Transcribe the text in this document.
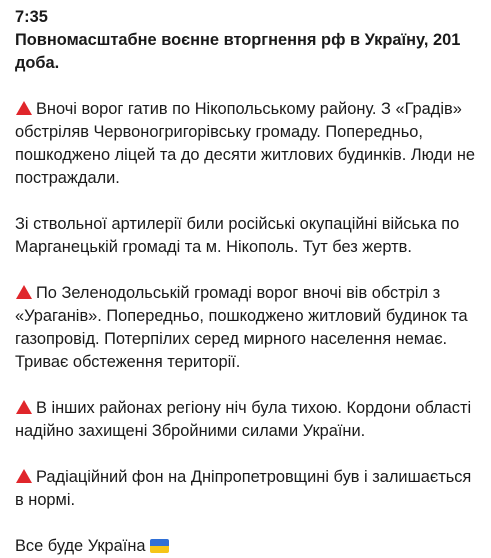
7:35
Повномасштабне воєнне вторгнення рф в Україну, 201 доба.
Вночі ворог гатив по Нікопольському району. З «Градів» обстріляв Червоногригорівську громаду. Попередньо, пошкоджено ліцей та до десяти житлових будинків. Люди не постраждали.
Зі ствольної артилерії били російські окупаційні війська по Марганецькій громаді та м. Нікополь. Тут без жертв.
По Зеленодольській громаді ворог вночі вів обстріл з «Ураганів». Попередньо, пошкоджено житловий будинок та газопровід. Потерпілих серед мирного населення немає. Триває обстеження території.
В інших районах регіону ніч була тихою. Кордони області надійно захищені Збройними силами України.
Радіаційний фон на Дніпропетровщині був і залишається в нормі.
Все буде Україна
